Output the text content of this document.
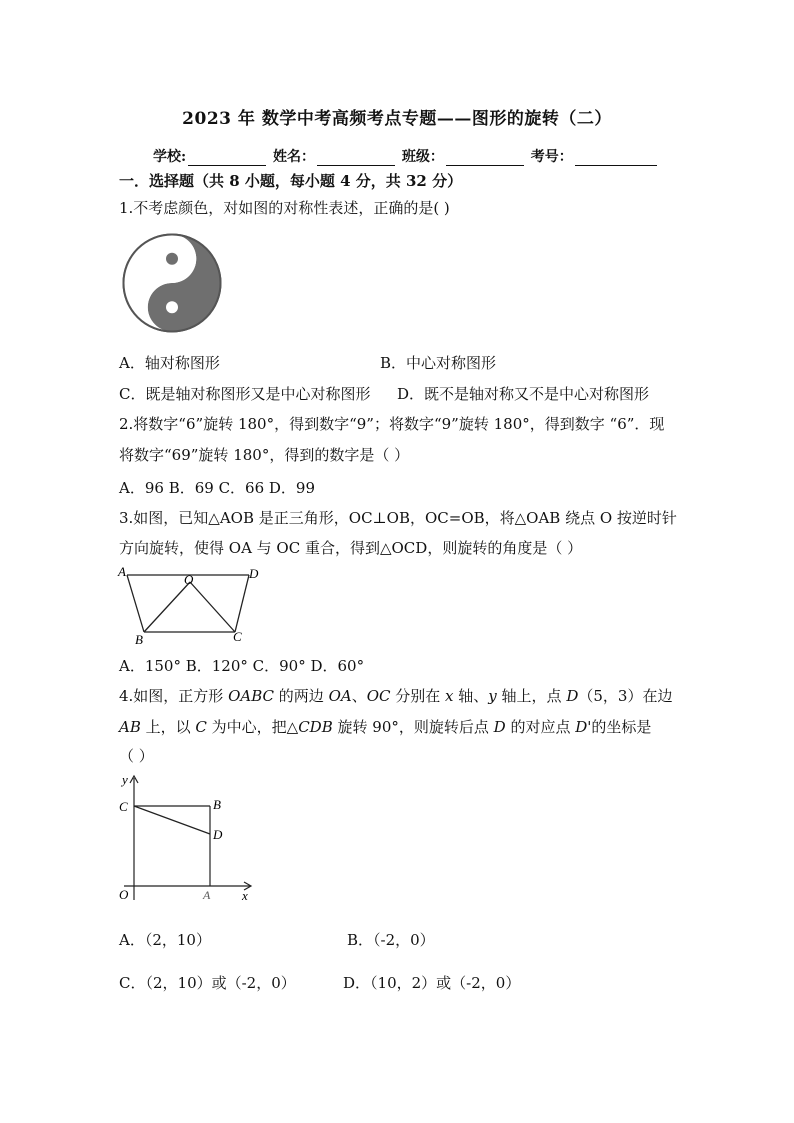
2023 年 数学中考高频考点专题——图形的旋转（二）
学校:	姓名：	班级：	考号：
一．选择题（共 8 小题，每小题 4 分，共 32 分）
1.不考虑颜色，对如图的对称性表述，正确的是( )
A．轴对称图形	B．中心对称图形
C．既是轴对称图形又是中心对称图形 D．既不是轴对称又不是中心对称图形
2.将数字“6”旋转 180°，得到数字“9”；将数字“9”旋转 180°，得到数字 “6”．现
将数字“69”旋转 180°，得到的数字是（ ）
A．96 B．69 C．66 D．99
3.如图，已知△AOB 是正三角形，OC⊥OB，OC=OB，将△OAB 绕点 O 按逆时针
方向旋转，使得 OA 与 OC 重合，得到△OCD，则旋转的角度是（ ）
A
O	D
B	C
A．150° B．120° C．90° D．60°
4.如图，正方形 OABC 的两边 OA、OC 分别在 x 轴、y 轴上，点 D（5，3）在边
AB 上，以 C 为中心，把△CDB 旋转 90°，则旋转后点 D 的对应点 D'的坐标是
（ ）
y
C	B
D
O	A x
A．（2，10）	B．（-2，0）
C．（2，10）或（-2，0）	D．（10，2）或（-2，0）
